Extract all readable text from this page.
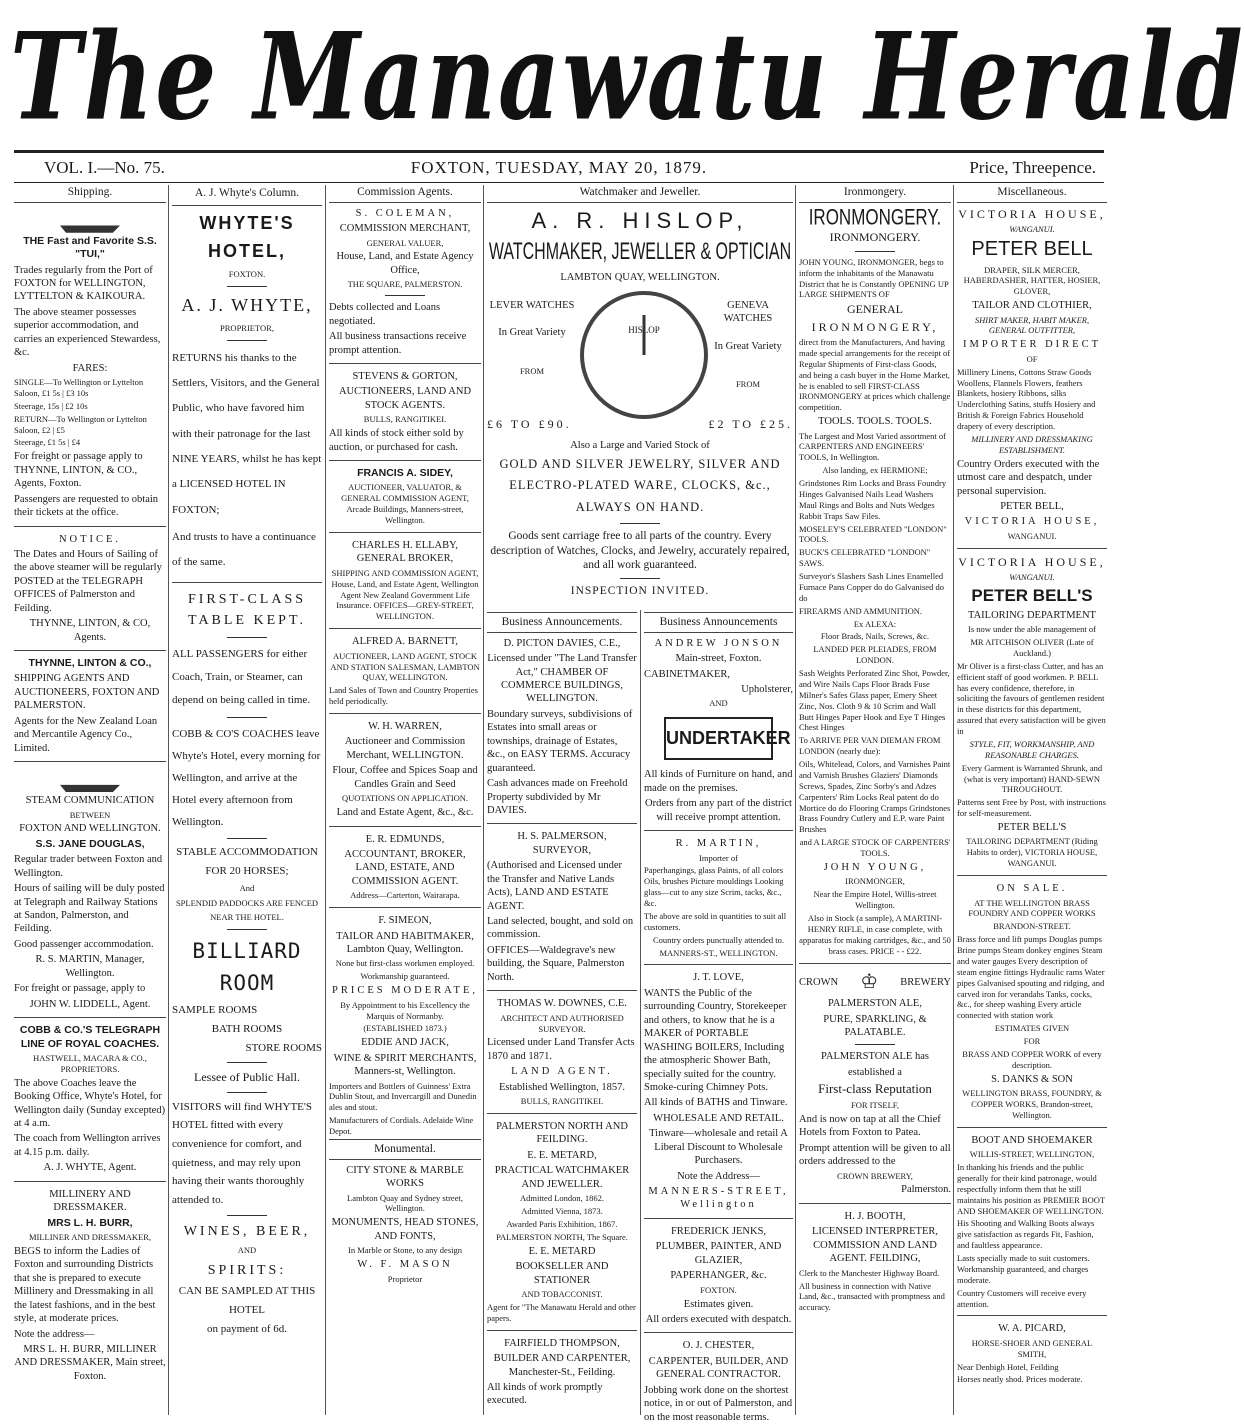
The Manawatu Herald
VOL. I.—No. 75.	FOXTON, TUESDAY, MAY 20, 1879.	Price, Threepence.
Shipping.

THE Fast and Favorite S.S. "TUI,"

Trades regularly from the Port of FOXTON for WELLINGTON, LYTTELTON & KAIKOURA.

The above steamer possesses superior accommodation, and carries an experienced Stewardess, &c.

FARES:

SINGLE—To Wellington or Lyttelton Saloon, £1 5s | £3 10s

Steerage, 15s | £2 10s

RETURN—To Wellington or Lyttelton Saloon, £2 | £5

Steerage, £1 5s | £4

For freight or passage apply to THYNNE, LINTON, & CO., Agents, Foxton.

Passengers are requested to obtain their tickets at the office.

NOTICE.

The Dates and Hours of Sailing of the above steamer will be regularly POSTED at the TELEGRAPH OFFICES of Palmerston and Feilding.

THYNNE, LINTON, & CO, Agents.

THYNNE, LINTON & CO.,

SHIPPING AGENTS AND AUCTIONEERS, FOXTON AND PALMERSTON.

Agents for the New Zealand Loan and Mercantile Agency Co., Limited.

STEAM COMMUNICATION

BETWEEN

FOXTON AND WELLINGTON.

S.S. JANE DOUGLAS,

Regular trader between Foxton and Wellington.

Hours of sailing will be duly posted at Telegraph and Railway Stations at Sandon, Palmerston, and Feilding.

Good passenger accommodation.

R. S. MARTIN, Manager, Wellington.

For freight or passage, apply to

JOHN W. LIDDELL, Agent.

COBB & CO.'S TELEGRAPH LINE OF ROYAL COACHES.

HASTWELL, MACARA & CO., PROPRIETORS.

The above Coaches leave the Booking Office, Whyte's Hotel, for Wellington daily (Sunday excepted) at 4 a.m.

The coach from Wellington arrives at 4.15 p.m. daily.

A. J. WHYTE, Agent.

MILLINERY AND DRESSMAKER.

MRS L. H. BURR,

MILLINER AND DRESSMAKER,

BEGS to inform the Ladies of Foxton and surrounding Districts that she is prepared to execute Millinery and Dressmaking in all the latest fashions, and in the best style, at moderate prices.

Note the address—

MRS L. H. BURR, MILLINER AND DRESSMAKER, Main street, Foxton.

A. J. Whyte's Column.

WHYTE'S HOTEL,

FOXTON.

A. J. WHYTE,

PROPRIETOR,

RETURNS his thanks to the Settlers, Visitors, and the General Public, who have favored him with their patronage for the last NINE YEARS, whilst he has kept a LICENSED HOTEL IN FOXTON;

And trusts to have a continuance of the same.

FIRST-CLASS TABLE KEPT.

ALL PASSENGERS for either Coach, Train, or Steamer, can depend on being called in time.

COBB & CO'S COACHES leave Whyte's Hotel, every morning for Wellington, and arrive at the Hotel every afternoon from Wellington.

STABLE ACCOMMODATION

FOR 20 HORSES;

And

SPLENDID PADDOCKS ARE FENCED NEAR THE HOTEL.

BILLIARD ROOM

SAMPLE ROOMS

BATH ROOMS

STORE ROOMS

Lessee of Public Hall.

VISITORS will find WHYTE'S HOTEL fitted with every convenience for comfort, and quietness, and may rely upon having their wants thoroughly attended to.

WINES, BEER,

AND

SPIRITS:

CAN BE SAMPLED AT THIS

HOTEL

on payment of 6d.

Commission Agents.

S. COLEMAN,

COMMISSION MERCHANT,

GENERAL VALUER,

House, Land, and Estate Agency Office,

THE SQUARE, PALMERSTON.

Debts collected and Loans negotiated.

All business transactions receive prompt attention.

STEVENS & GORTON,

AUCTIONEERS, LAND AND STOCK AGENTS.

BULLS, RANGITIKEI.

All kinds of stock either sold by auction, or purchased for cash.

FRANCIS A. SIDEY,

AUCTIONEER, VALUATOR, & GENERAL COMMISSION AGENT, Arcade Buildings, Manners-street, Wellington.

CHARLES H. ELLABY, GENERAL BROKER,

SHIPPING AND COMMISSION AGENT, House, Land, and Estate Agent, Wellington Agent New Zealand Government Life Insurance. OFFICES—GREY-STREET, WELLINGTON.

ALFRED A. BARNETT,

AUCTIONEER, LAND AGENT, STOCK AND STATION SALESMAN, LAMBTON QUAY, WELLINGTON.

Land Sales of Town and Country Properties held periodically.

W. H. WARREN,

Auctioneer and Commission Merchant, WELLINGTON.

Flour, Coffee and Spices Soap and Candles Grain and Seed

QUOTATIONS ON APPLICATION.

Land and Estate Agent, &c., &c.

E. R. EDMUNDS,

ACCOUNTANT, BROKER, LAND, ESTATE, AND COMMISSION AGENT.

Address—Carterton, Wairarapa.

F. SIMEON,

TAILOR AND HABITMAKER, Lambton Quay, Wellington.

None but first-class workmen employed.

Workmanship guaranteed.

PRICES MODERATE,

By Appointment to his Excellency the Marquis of Normanby.

(ESTABLISHED 1873.)

EDDIE AND JACK,

WINE & SPIRIT MERCHANTS, Manners-st, Wellington.

Importers and Bottlers of Guinness' Extra Dublin Stout, and Invercargill and Dunedin ales and stout.

Manufacturers of Cordials. Adelaide Wine Depot.

Monumental.

CITY STONE & MARBLE WORKS

Lambton Quay and Sydney street, Wellington.

MONUMENTS, HEAD STONES, AND FONTS,

In Marble or Stone, to any design

W. F. MASON

Proprietor

Watchmaker and Jeweller.

A. R. HISLOP,

WATCHMAKER, JEWELLER & OPTICIAN

LAMBTON QUAY, WELLINGTON.

LEVER WATCHES

In Great Variety

FROM

HISLOP

GENEVA WATCHES

In Great Variety

FROM

£6 TO £90.	£2 TO £25.

Also a Large and Varied Stock of

GOLD AND SILVER JEWELRY, SILVER AND ELECTRO-PLATED WARE, CLOCKS, &c., ALWAYS ON HAND.

Goods sent carriage free to all parts of the country. Every description of Watches, Clocks, and Jewelry, accurately repaired, and all work guaranteed.

INSPECTION INVITED.

Business Announcements.

D. PICTON DAVIES, C.E.,

Licensed under "The Land Transfer Act," CHAMBER OF COMMERCE BUILDINGS, WELLINGTON.

Boundary surveys, subdivisions of Estates into small areas or townships, drainage of Estates, &c., on EASY TERMS. Accuracy guaranteed.

Cash advances made on Freehold Property subdivided by Mr DAVIES.

H. S. PALMERSON, SURVEYOR,

(Authorised and Licensed under the Transfer and Native Lands Acts), LAND AND ESTATE AGENT.

Land selected, bought, and sold on commission.

OFFICES—Waldegrave's new building, the Square, Palmerston North.

THOMAS W. DOWNES, C.E.

ARCHITECT AND AUTHORISED SURVEYOR.

Licensed under Land Transfer Acts 1870 and 1871.

LAND AGENT.

Established Wellington, 1857.

BULLS, RANGITIKEI.

PALMERSTON NORTH AND FEILDING.

E. E. METARD,

PRACTICAL WATCHMAKER AND JEWELLER.

Admitted London, 1862.

Admitted Vienna, 1873.

Awarded Paris Exhibition, 1867.

PALMERSTON NORTH, The Square.

E. E. METARD

BOOKSELLER AND STATIONER

AND TOBACCONIST.

Agent for "The Manawatu Herald and other papers.

FAIRFIELD THOMPSON,

BUILDER AND CARPENTER, Manchester-St., Feilding.

All kinds of work promptly executed.

Business Announcements

ANDREW JONSON

Main-street, Foxton.

CABINETMAKER,

Upholsterer,

AND

UNDERTAKER

All kinds of Furniture on hand, and made on the premises.

Orders from any part of the district will receive prompt attention.

R. MARTIN,

Importer of

Paperhangings, glass Paints, of all colors Oils, brushes Picture mouldings Looking glass—cut to any size Scrim, tacks, &c., &c.

The above are sold in quantities to suit all customers.

Country orders punctually attended to.

MANNERS-ST., WELLINGTON.

J. T. LOVE,

WANTS the Public of the surrounding Country, Storekeeper and others, to know that he is a MAKER of PORTABLE WASHING BOILERS, Including the atmospheric Shower Bath, specially suited for the country. Smoke-curing Chimney Pots.

All kinds of BATHS and Tinware.

WHOLESALE AND RETAIL.

Tinware—wholesale and retail A Liberal Discount to Wholesale Purchasers.

Note the Address—

MANNERS-STREET, Wellington

FREDERICK JENKS,

PLUMBER, PAINTER, AND GLAZIER,

PAPERHANGER, &c.

FOXTON.

Estimates given.

All orders executed with despatch.

O. J. CHESTER,

CARPENTER, BUILDER, AND GENERAL CONTRACTOR.

Jobbing work done on the shortest notice, in or out of Palmerston, and on the most reasonable terms.

Ironmongery.

IRONMONGERY.

IRONMONGERY.

JOHN YOUNG, IRONMONGER, begs to inform the inhabitants of the Manawatu District that he is Constantly OPENING UP LARGE SHIPMENTS OF

GENERAL

IRONMONGERY,

direct from the Manufacturers, And having made special arrangements for the receipt of Regular Shipments of First-class Goods, and being a cash buyer in the Home Market, he is enabled to sell FIRST-CLASS IRONMONGERY at prices which challenge competition.

TOOLS. TOOLS. TOOLS.

The Largest and Most Varied assortment of CARPENTERS AND ENGINEERS' TOOLS, In Wellington.

Also landing, ex HERMIONE;

Grindstones Rim Locks and Brass Foundry Hinges Galvanised Nails Lead Washers Maul Rings and Bolts and Nuts Wedges Rabbit Traps Saw Files.

MOSELEY'S CELEBRATED "LONDON" TOOLS.

BUCK'S CELEBRATED "LONDON" SAWS.

Surveyor's Slashers Sash Lines Enamelled Furnace Pans Copper do do Galvanised do do

FIREARMS AND AMMUNITION.

Ex ALEXA:

Floor Brads, Nails, Screws, &c.

LANDED PER PLEIADES, FROM LONDON.

Sash Weights Perforated Zinc Shot, Powder, and Wire Nails Caps Floor Brads Fuse Milner's Safes Glass paper, Emery Sheet Zinc, Nos. Cloth 9 & 10 Scrim and Wall Butt Hinges Paper Hook and Eye T Hinges Chest Hinges

To ARRIVE PER VAN DIEMAN FROM LONDON (nearly due):

Oils, Whitelead, Colors, and Varnishes Paint and Varnish Brushes Glaziers' Diamonds Screws, Spades, Zinc Sorby's and Adzes Carpenters' Rim Locks Real patent do do Mortice do do Flooring Cramps Grindstones Brass Foundry Cutlery and E.P. ware Paint Brushes

and A LARGE STOCK OF CARPENTERS' TOOLS.

JOHN YOUNG,

IRONMONGER,

Near the Empire Hotel, Willis-street Wellington.

Also in Stock (a sample), A MARTINI-HENRY RIFLE, in case complete, with apparatus for making cartridges, &c., and 50 brass cases. PRICE - - £22.

CROWN ♔ BREWERY

PALMERSTON ALE,

PURE, SPARKLING, & PALATABLE.

PALMERSTON ALE has

established a

First-class Reputation

FOR ITSELF,

And is now on tap at all the Chief Hotels from Foxton to Patea.

Prompt attention will be given to all orders addressed to the

CROWN BREWERY,

Palmerston.

H. J. BOOTH,

LICENSED INTERPRETER, COMMISSION AND LAND AGENT. FEILDING,

Clerk to the Manchester Highway Board.

All business in connection with Native Land, &c., transacted with promptness and accuracy.

Miscellaneous.

VICTORIA HOUSE,

WANGANUI.

PETER BELL

DRAPER, SILK MERCER, HABERDASHER, HATTER, HOSIER, GLOVER,

TAILOR AND CLOTHIER,

SHIRT MAKER, HABIT MAKER, GENERAL OUTFITTER,

IMPORTER DIRECT

OF

Millinery Linens, Cottons Straw Goods Woollens, Flannels Flowers, feathers Blankets, hosiery Ribbons, silks Underclothing Satins, stuffs Hosiery and British & Foreign Fabrics Household drapery of every description.

MILLINERY AND DRESSMAKING ESTABLISHMENT.

Country Orders executed with the utmost care and despatch, under personal supervision.

PETER BELL,

VICTORIA HOUSE,

WANGANUI.

VICTORIA HOUSE,

WANGANUI.

PETER BELL'S

TAILORING DEPARTMENT

Is now under the able management of

MR AITCHISON OLIVER (Late of Auckland.)

Mr Oliver is a first-class Cutter, and has an efficient staff of good workmen. P. BELL has every confidence, therefore, in soliciting the favours of gentlemen resident in these districts for this department, assured that every satisfaction will be given in

STYLE, FIT, WORKMANSHIP, AND REASONABLE CHARGES.

Every Garment is Warranted Shrunk, and (what is very important) HAND-SEWN THROUGHOUT.

Patterns sent Free by Post, with instructions for self-measurement.

PETER BELL'S

TAILORING DEPARTMENT (Riding Habits to order), VICTORIA HOUSE, WANGANUI.

ON SALE.

AT THE WELLINGTON BRASS FOUNDRY AND COPPER WORKS

BRANDON-STREET.

Brass force and lift pumps Douglas pumps Brine pumps Steam donkey engines Steam and water gauges Every description of steam engine fittings Hydraulic rams Water pipes Galvanised spouting and ridging, and carved iron for verandahs Tanks, cocks, &c., for sheep washing Every article connected with station work

ESTIMATES GIVEN

FOR

BRASS AND COPPER WORK of every description.

S. DANKS & SON

WELLINGTON BRASS, FOUNDRY, & COPPER WORKS, Brandon-street, Wellington.

BOOT AND SHOEMAKER

WILLIS-STREET, WELLINGTON,

In thanking his friends and the public generally for their kind patronage, would respectfully inform them that he still maintains his position as PREMIER BOOT AND SHOEMAKER OF WELLINGTON.

His Shooting and Walking Boots always give satisfaction as regards Fit, Fashion, and faultless appearance.

Lasts specially made to suit customers. Workmanship guaranteed, and charges moderate.

Country Customers will receive every attention.

W. A. PICARD,

HORSE-SHOER AND GENERAL SMITH,

Near Denbigh Hotel, Feilding

Horses neatly shod. Prices moderate.
